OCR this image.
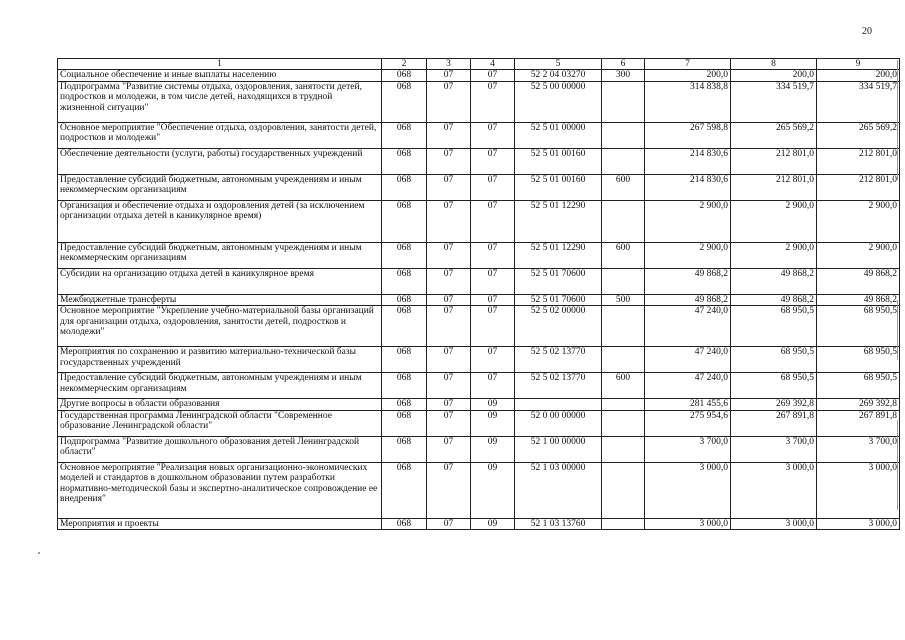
20
1	2	3	4	5	6	7	8	9
Социальное обеспечение и иные выплаты населению	068	07	07	52 2 04 03270	300	200,0	200,0	200,0
Подпрограмма "Развитие системы отдыха, оздоровления, занятости детей, подростков и молодежи, в том числе детей, находящихся в трудной жизненной ситуации"	068	07	07	52 5 00 00000		314 838,8	334 519,7	334 519,7
Основное мероприятие "Обеспечение отдыха, оздоровления, занятости детей, подростков и молодежи"	068	07	07	52 5 01 00000		267 598,8	265 569,2	265 569,2
Обеспечение деятельности (услуги, работы) государственных учреждений	068	07	07	52 5 01 00160		214 830,6	212 801,0	212 801,0
Предоставление субсидий бюджетным, автономным учреждениям и иным некоммерческим организациям	068	07	07	52 5 01 00160	600	214 830,6	212 801,0	212 801,0
Организация и обеспечение отдыха и оздоровления детей (за исключением организации отдыха детей в каникулярное время)	068	07	07	52 5 01 12290		2 900,0	2 900,0	2 900,0
Предоставление субсидий бюджетным, автономным учреждениям и иным некоммерческим организациям	068	07	07	52 5 01 12290	600	2 900,0	2 900,0	2 900,0
Субсидии на организацию отдыха детей в каникулярное время	068	07	07	52 5 01 70600		49 868,2	49 868,2	49 868,2
Межбюджетные трансферты	068	07	07	52 5 01 70600	500	49 868,2	49 868,2	49 868,2
Основное мероприятие "Укрепление учебно-материальной базы организаций для организации отдыха, оздоровления, занятости детей, подростков и молодежи"	068	07	07	52 5 02 00000		47 240,0	68 950,5	68 950,5
Мероприятия по сохранению и развитию материально-технической базы государственных учреждений	068	07	07	52 5 02 13770		47 240,0	68 950,5	68 950,5
Предоставление субсидий бюджетным, автономным учреждениям и иным некоммерческим организациям	068	07	07	52 5 02 13770	600	47 240,0	68 950,5	68 950,5
Другие вопросы в области образования	068	07	09			281 455,6	269 392,8	269 392,8
Государственная программа Ленинградской области "Современное образование Ленинградской области"	068	07	09	52 0 00 00000		275 954,6	267 891,8	267 891,8
Подпрограмма "Развитие дошкольного образования детей Ленинградской области"	068	07	09	52 1 00 00000		3 700,0	3 700,0	3 700,0
Основное мероприятие "Реализация новых организационно-экономических моделей и стандартов в дошкольном образовании путем разработки нормативно-методической базы и экспертно-аналитическое сопровождение ее внедрения"	068	07	09	52 1 03 00000		3 000,0	3 000,0	3 000,0
Мероприятия и проекты	068	07	09	52 1 03 13760		3 000,0	3 000,0	3 000,0
